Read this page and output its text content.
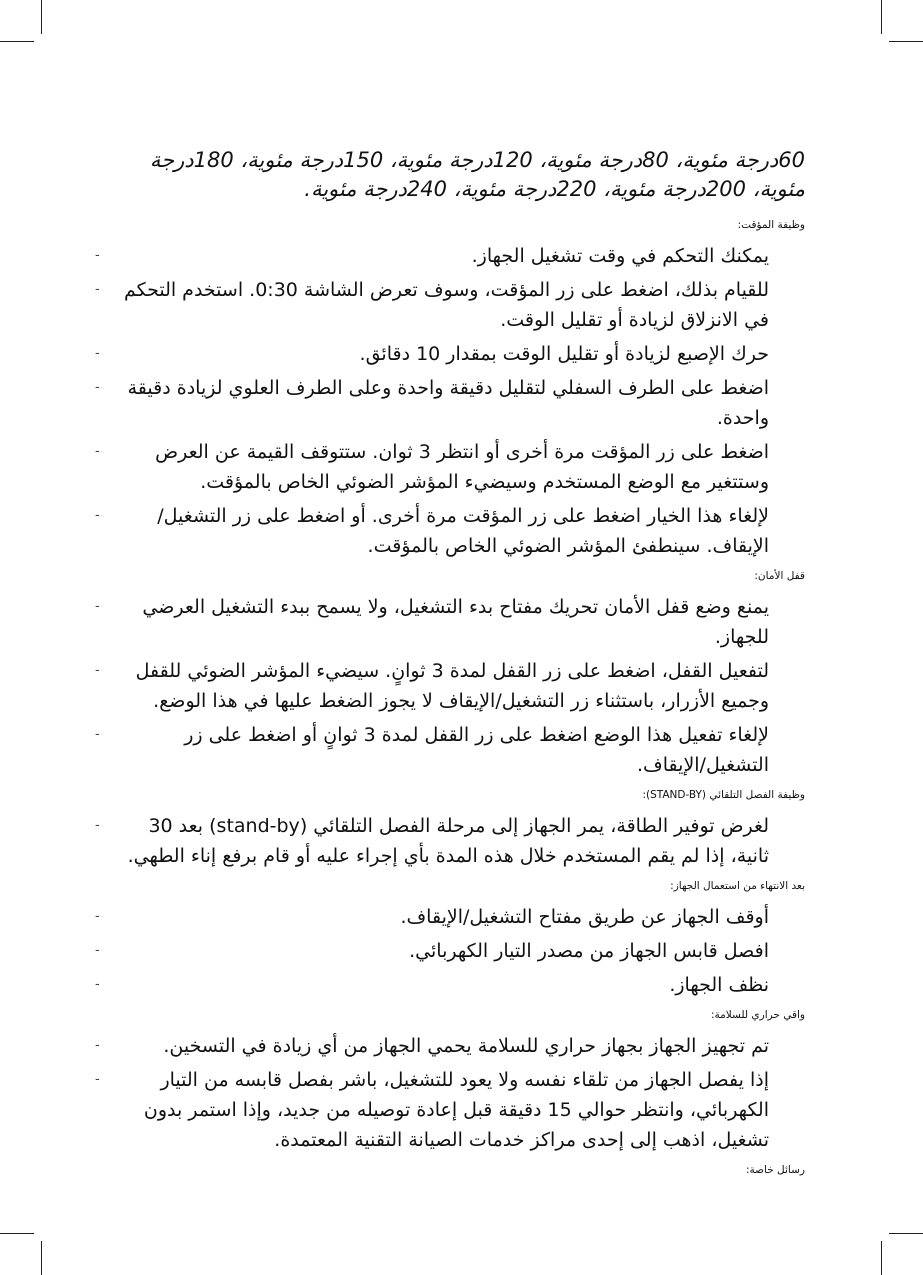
60درجة مئوية، 80درجة مئوية، 120درجة مئوية، 150درجة مئوية، 180درجة مئوية، 200درجة مئوية، 220درجة مئوية، 240درجة مئوية.

وظيفة المؤقت:
- يمكنك التحكم في وقت تشغيل الجهاز.
- للقيام بذلك، اضغط على زر المؤقت، وسوف تعرض الشاشة 0:30. استخدم التحكم في الانزلاق لزيادة أو تقليل الوقت.
- حرك الإصبع لزيادة أو تقليل الوقت بمقدار 10 دقائق.
- اضغط على الطرف السفلي لتقليل دقيقة واحدة وعلى الطرف العلوي لزيادة دقيقة واحدة.
- اضغط على زر المؤقت مرة أخرى أو انتظر 3 ثوان. ستتوقف القيمة عن العرض وستتغير مع الوضع المستخدم وسيضيء المؤشر الضوئي الخاص بالمؤقت.
- لإلغاء هذا الخيار اضغط على زر المؤقت مرة أخرى. أو اضغط على زر التشغيل/الإيقاف. سينطفئ المؤشر الضوئي الخاص بالمؤقت.
قفل الأمان:
- يمنع وضع قفل الأمان تحريك مفتاح بدء التشغيل، ولا يسمح ببدء التشغيل العرضي للجهاز.
- لتفعيل القفل، اضغط على زر القفل لمدة 3 ثوانٍ. سيضيء المؤشر الضوئي للقفل وجميع الأزرار، باستثناء زر التشغيل/الإيقاف لا يجوز الضغط عليها في هذا الوضع.
- لإلغاء تفعيل هذا الوضع اضغط على زر القفل لمدة 3 ثوانٍ أو اضغط على زر التشغيل/الإيقاف.
وظيفة الفصل التلقائي (STAND-BY):
- لغرض توفير الطاقة، يمر الجهاز إلى مرحلة الفصل التلقائي (stand-by) بعد 30 ثانية، إذا لم يقم المستخدم خلال هذه المدة بأي إجراء عليه أو قام برفع إناء الطهي.
بعد الانتهاء من استعمال الجهاز:
- أوقف الجهاز عن طريق مفتاح التشغيل/الإيقاف.
- افصل قابس الجهاز من مصدر التيار الكهربائي.
- نظف الجهاز.
واقي حراري للسلامة:
- تم تجهيز الجهاز بجهاز حراري للسلامة يحمي الجهاز من أي زيادة في التسخين.
- إذا يفصل الجهاز من تلقاء نفسه ولا يعود للتشغيل، باشر بفصل قابسه من التيار الكهربائي، وانتظر حوالي 15 دقيقة قبل إعادة توصيله من جديد، وإذا استمر بدون تشغيل، اذهب إلى إحدى مراكز خدمات الصيانة التقنية المعتمدة.
رسائل خاصة:
